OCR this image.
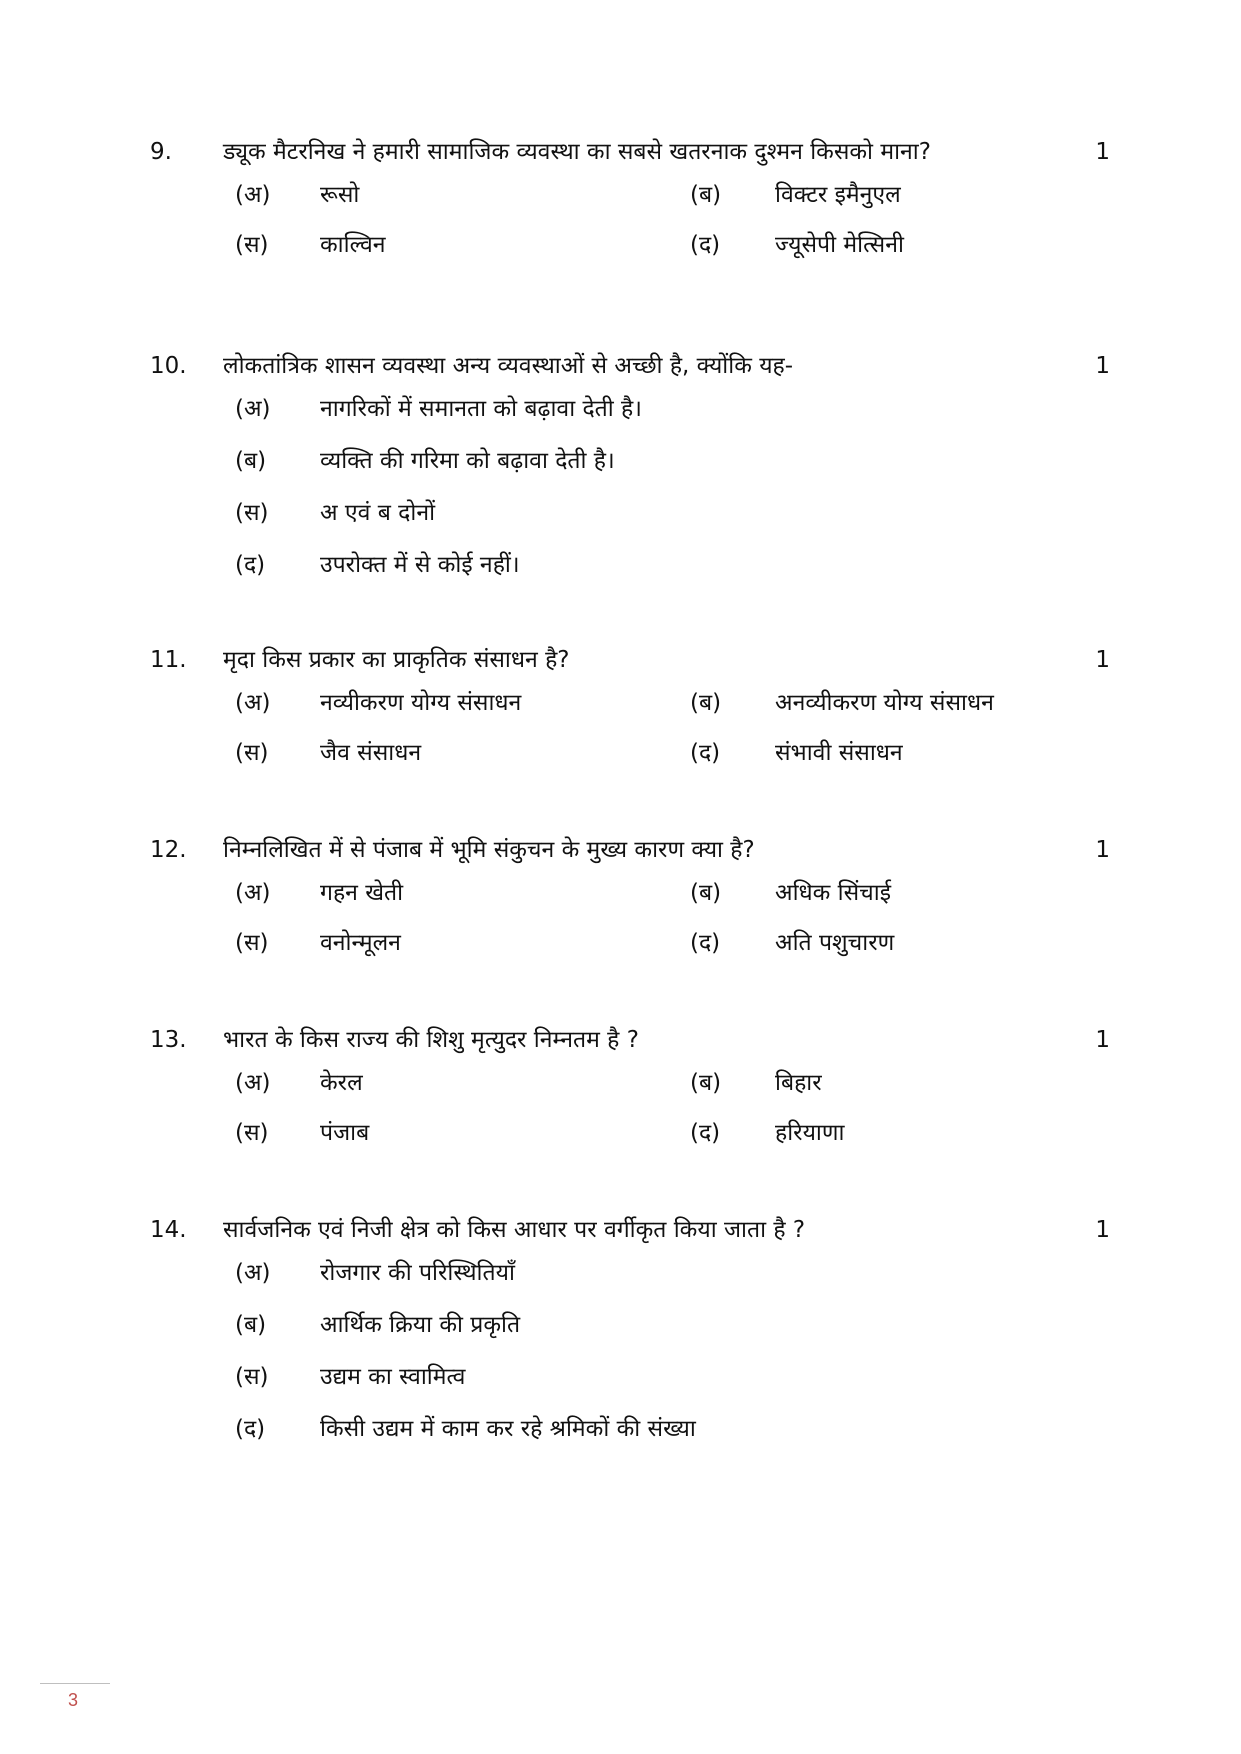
9. ड्यूक मैटरनिख ने हमारी सामाजिक व्यवस्था का सबसे खतरनाक दुश्मन किसको माना?	1
(अ) रूसो	(ब) विक्टर इमैनुएल
(स) काल्विन	(द) ज्यूसेपी मेत्सिनी
10. लोकतांत्रिक शासन व्यवस्था अन्य व्यवस्थाओं से अच्छी है, क्योंकि यह-	1
(अ) नागरिकों में समानता को बढ़ावा देती है।
(ब) व्यक्ति की गरिमा को बढ़ावा देती है।
(स) अ एवं ब दोनों
(द) उपरोक्त में से कोई नहीं।
11. मृदा किस प्रकार का प्राकृतिक संसाधन है?	1
(अ) नव्यीकरण योग्य संसाधन	(ब) अनव्यीकरण योग्य संसाधन
(स) जैव संसाधन	(द) संभावी संसाधन
12. निम्नलिखित में से पंजाब में भूमि संकुचन के मुख्य कारण क्या है?	1
(अ) गहन खेती	(ब) अधिक सिंचाई
(स) वनोन्मूलन	(द) अति पशुचारण
13. भारत के किस राज्य की शिशु मृत्युदर निम्नतम है ?	1
(अ) केरल	(ब) बिहार
(स) पंजाब	(द) हरियाणा
14. सार्वजनिक एवं निजी क्षेत्र को किस आधार पर वर्गीकृत किया जाता है ?	1
(अ) रोजगार की परिस्थितियाँ
(ब) आर्थिक क्रिया की प्रकृति
(स) उद्यम का स्वामित्व
(द) किसी उद्यम में काम कर रहे श्रमिकों की संख्या
3
